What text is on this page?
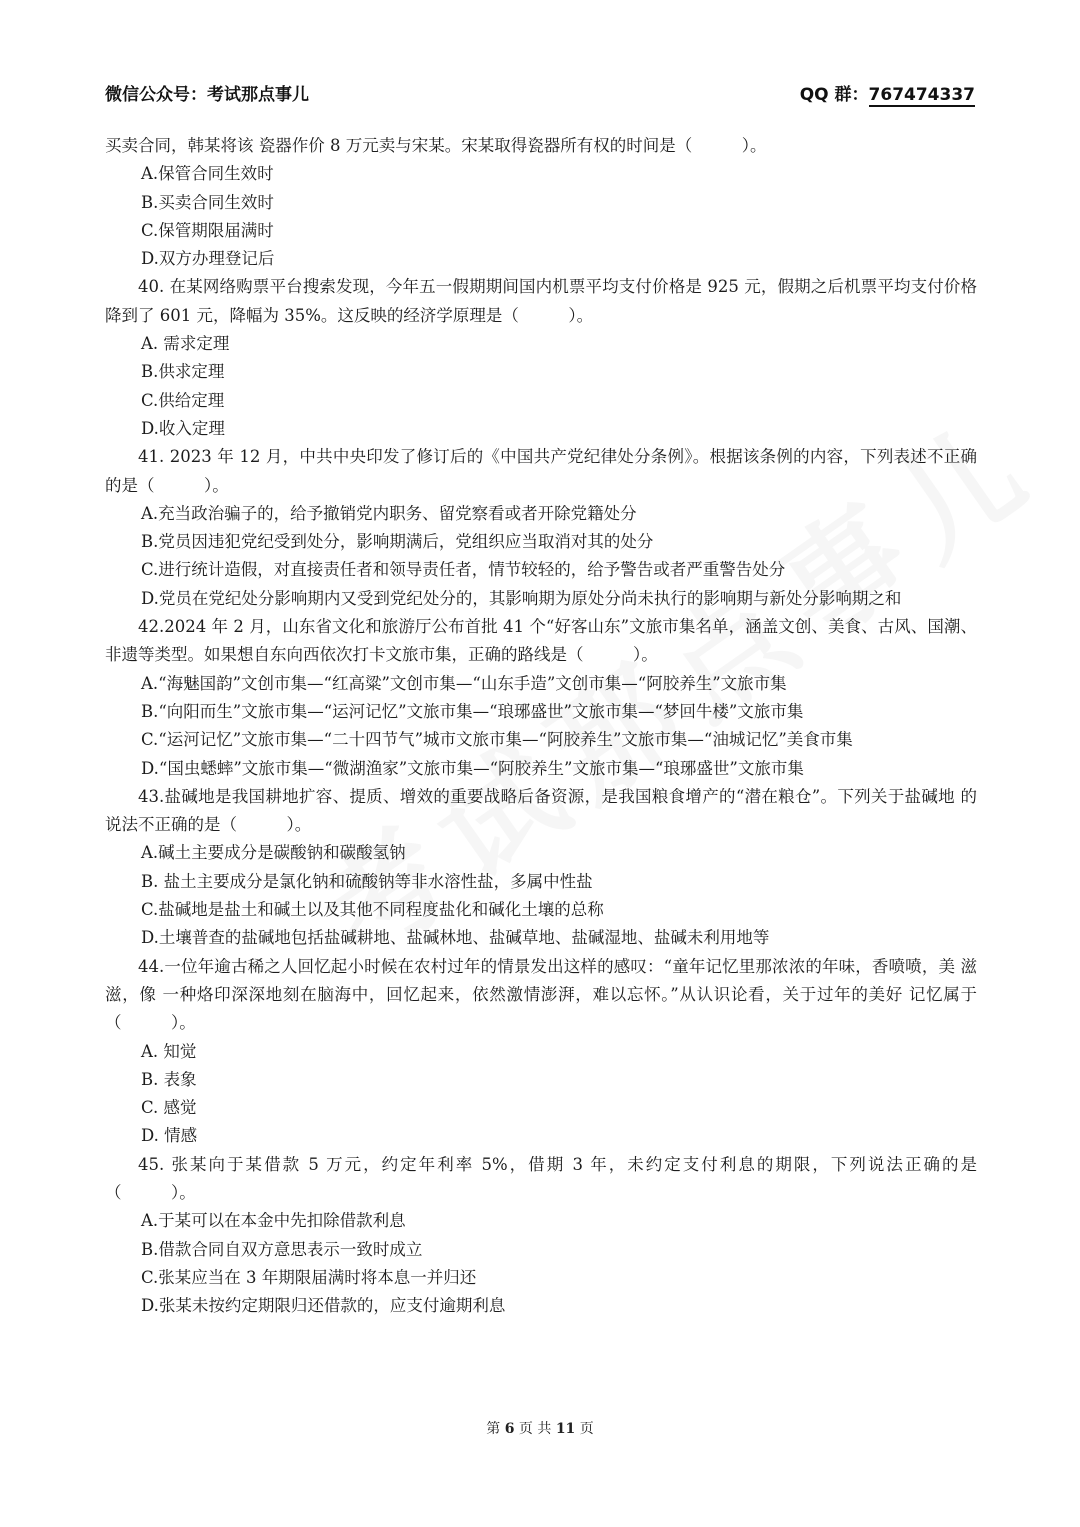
微信公众号：考试那点事儿	QQ 群：767474337

买卖合同，韩某将该 瓷器作价 8 万元卖与宋某。宋某取得瓷器所有权的时间是（　　　）。

A.保管合同生效时

B.买卖合同生效时

C.保管期限届满时

D.双方办理登记后

40. 在某网络购票平台搜索发现，今年五一假期期间国内机票平均支付价格是 925 元，假期之后机票平均支付价格降到了 601 元，降幅为 35%。这反映的经济学原理是（　　　）。

A. 需求定理

B.供求定理

C.供给定理

D.收入定理

41. 2023 年 12 月，中共中央印发了修订后的《中国共产党纪律处分条例》。根据该条例的内容，下列表述不正确的是（　　　）。

A.充当政治骗子的，给予撤销党内职务、留党察看或者开除党籍处分

B.党员因违犯党纪受到处分，影响期满后，党组织应当取消对其的处分

C.进行统计造假，对直接责任者和领导责任者，情节较轻的，给予警告或者严重警告处分

D.党员在党纪处分影响期内又受到党纪处分的，其影响期为原处分尚未执行的影响期与新处分影响期之和

42.2024 年 2 月，山东省文化和旅游厅公布首批 41 个“好客山东”文旅市集名单，涵盖文创、美食、古风、国潮、非遗等类型。如果想自东向西依次打卡文旅市集，正确的路线是（　　　）。

A.“海魅国韵”文创市集—“红高粱”文创市集—“山东手造”文创市集—“阿胶养生”文旅市集

B.“向阳而生”文旅市集—“运河记忆”文旅市集—“琅琊盛世”文旅市集—“梦回牛楼”文旅市集

C.“运河记忆”文旅市集—“二十四节气”城市文旅市集—“阿胶养生”文旅市集—“油城记忆”美食市集

D.“国虫蟋蟀”文旅市集—“微湖渔家”文旅市集—“阿胶养生”文旅市集—“琅琊盛世”文旅市集

43.盐碱地是我国耕地扩容、提质、增效的重要战略后备资源，是我国粮食增产的“潜在粮仓”。下列关于盐碱地 的说法不正确的是（　　　）。

A.碱土主要成分是碳酸钠和碳酸氢钠

B. 盐土主要成分是氯化钠和硫酸钠等非水溶性盐，多属中性盐

C.盐碱地是盐土和碱土以及其他不同程度盐化和碱化土壤的总称

D.土壤普查的盐碱地包括盐碱耕地、盐碱林地、盐碱草地、盐碱湿地、盐碱未利用地等

44.一位年逾古稀之人回忆起小时候在农村过年的情景发出这样的感叹：“童年记忆里那浓浓的年味，香喷喷，美 滋滋，像 一种烙印深深地刻在脑海中，回忆起来，依然激情澎湃，难以忘怀。”从认识论看，关于过年的美好 记忆属于（　　　）。

A. 知觉

B. 表象

C. 感觉

D. 情感

45. 张某向于某借款 5 万元，约定年利率 5%，借期 3 年，未约定支付利息的期限，下列说法正确的是（　　　）。

A.于某可以在本金中先扣除借款利息

B.借款合同自双方意思表示一致时成立

C.张某应当在 3 年期限届满时将本息一并归还

D.张某未按约定期限归还借款的，应支付逾期利息

第 6 页 共 11 页
